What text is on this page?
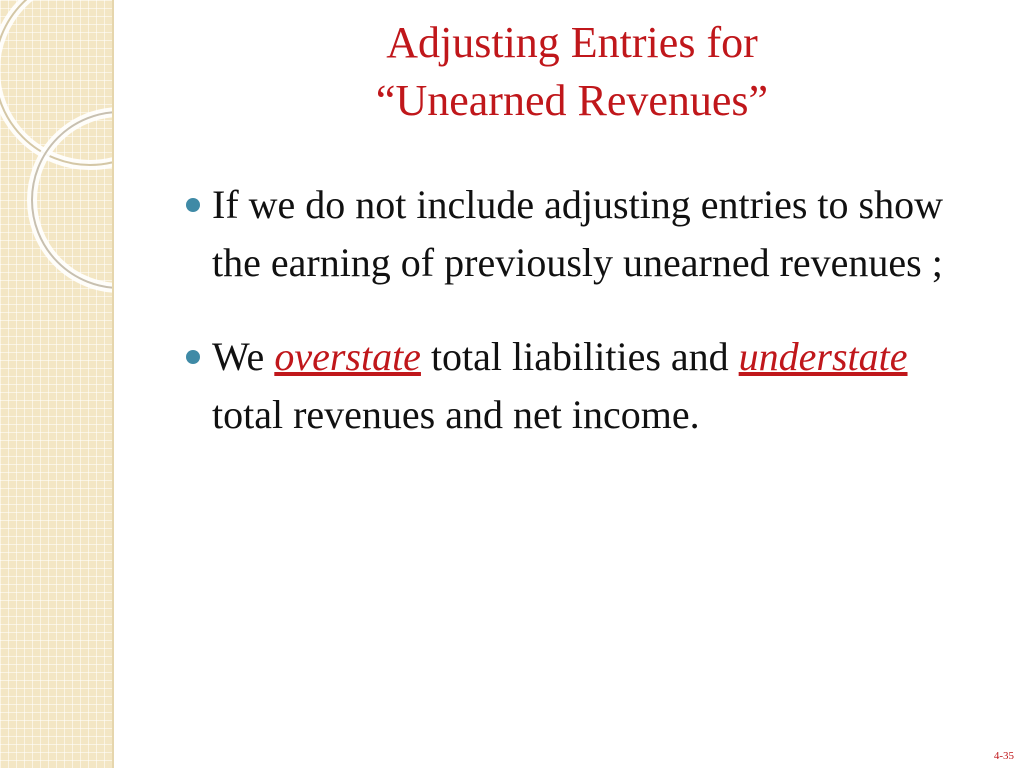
Adjusting Entries for
“Unearned Revenues”
If we do not include adjusting entries to show the earning of previously unearned revenues ;
We overstate total liabilities and understate total revenues and net income.
4-35
